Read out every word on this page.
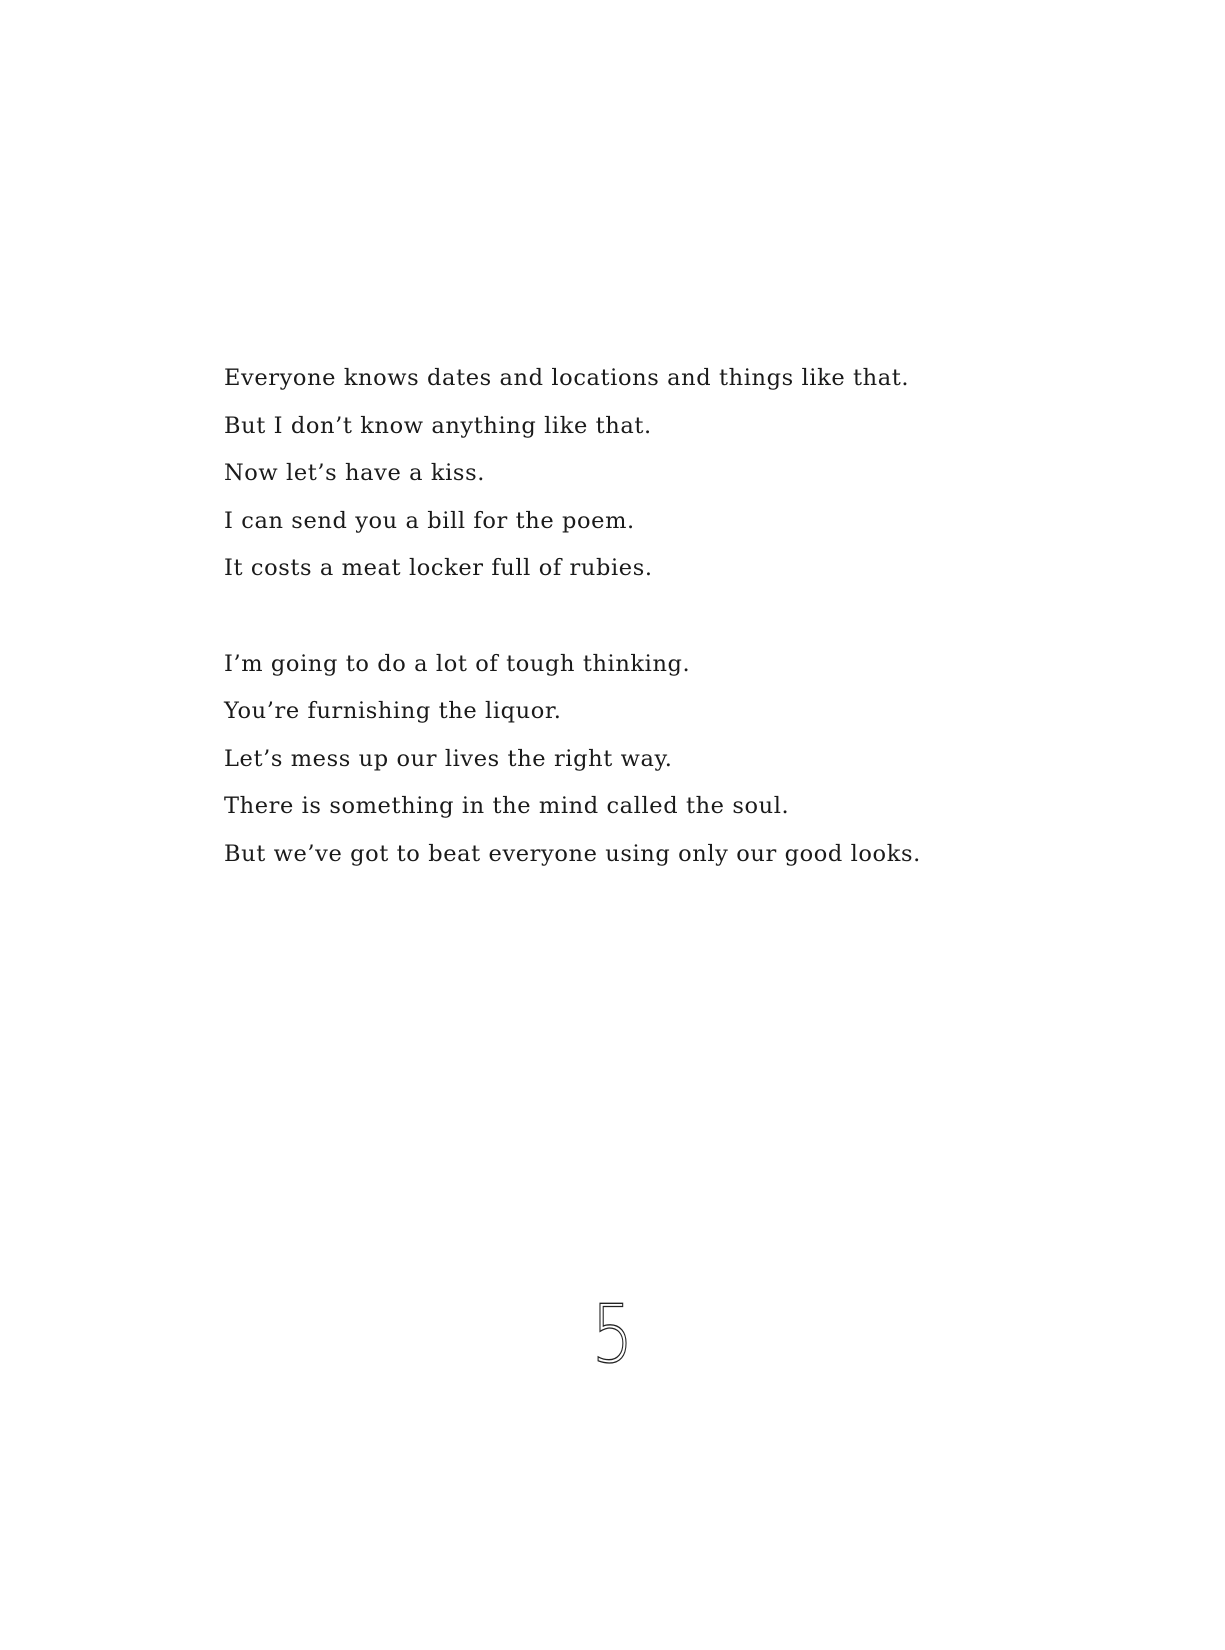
Everyone knows dates and locations and things like that.
But I don’t know anything like that.
Now let’s have a kiss.
I can send you a bill for the poem.
It costs a meat locker full of rubies.

I’m going to do a lot of tough thinking.
You’re furnishing the liquor.
Let’s mess up our lives the right way.
There is something in the mind called the soul.
But we’ve got to beat everyone using only our good looks.

5
